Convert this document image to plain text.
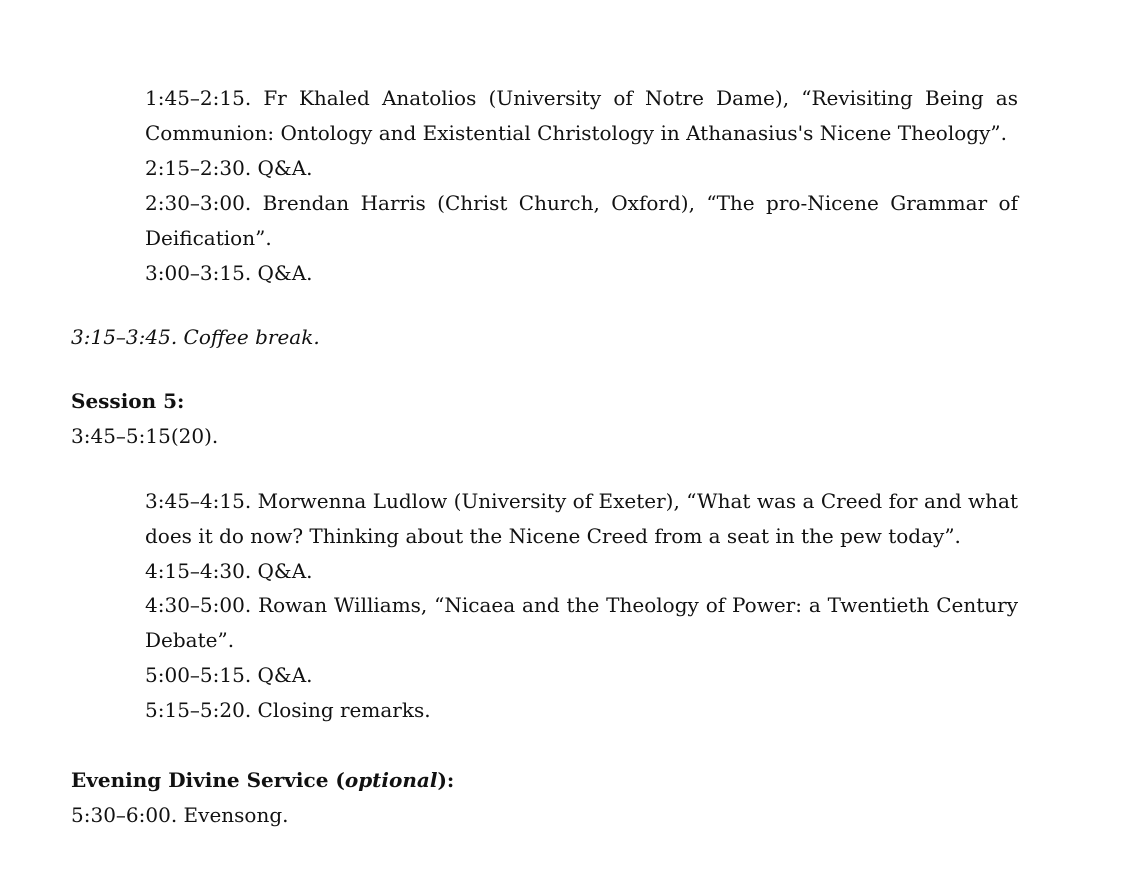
1:45–2:15. Fr Khaled Anatolios (University of Notre Dame), “Revisiting Being as
Communion: Ontology and Existential Christology in Athanasius's Nicene Theology”.
2:15–2:30. Q&A.
2:30–3:00. Brendan Harris (Christ Church, Oxford), “The pro-Nicene Grammar of
Deification”.
3:00–3:15. Q&A.
3:15–3:45. Coffee break.
Session 5:
3:45–5:15(20).
3:45–4:15. Morwenna Ludlow (University of Exeter), “What was a Creed for and what
does it do now? Thinking about the Nicene Creed from a seat in the pew today”.
4:15–4:30. Q&A.
4:30–5:00. Rowan Williams, “Nicaea and the Theology of Power: a Twentieth Century
Debate”.
5:00–5:15. Q&A.
5:15–5:20. Closing remarks.
Evening Divine Service (optional):
5:30–6:00. Evensong.
